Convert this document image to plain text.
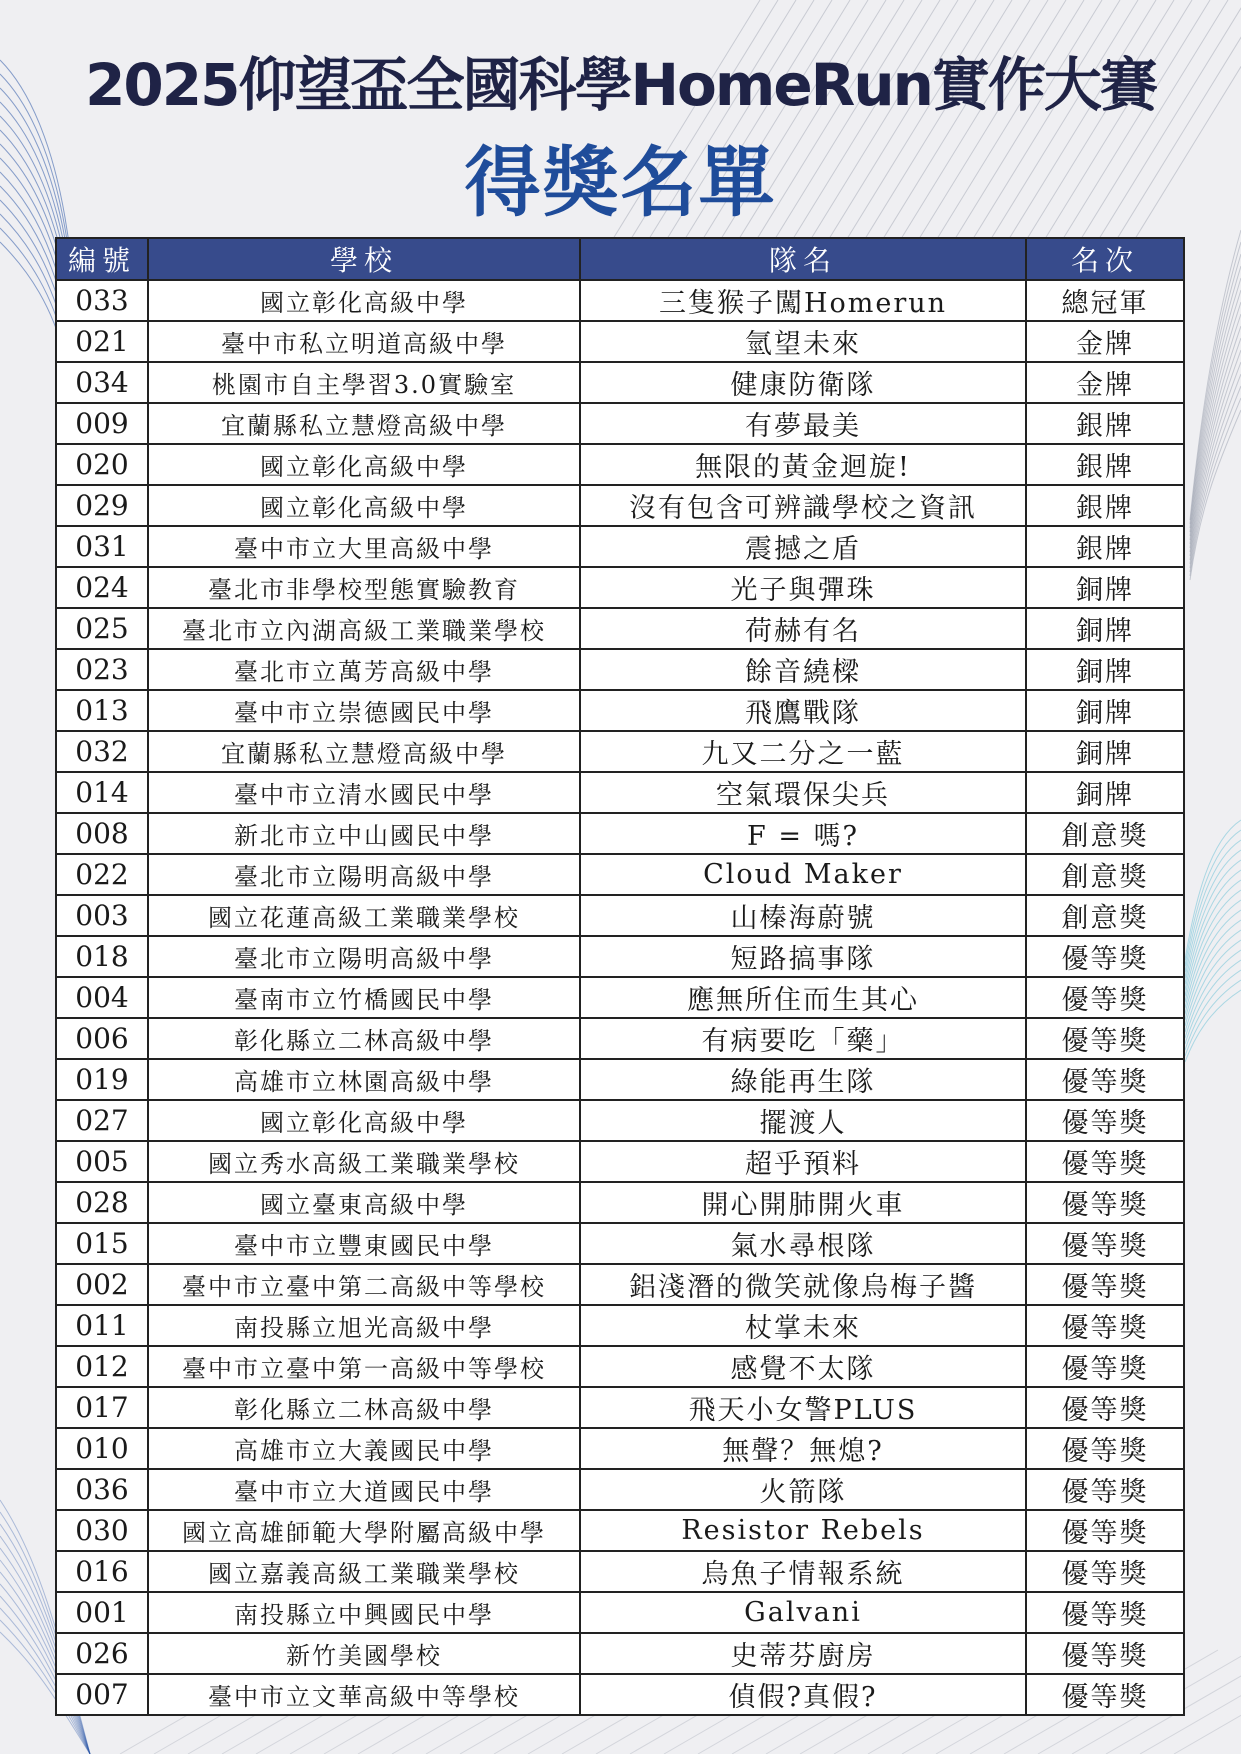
2025仰望盃全國科學HomeRun實作大賽
得獎名單
編號	學校	隊名	名次
033	國立彰化高級中學	三隻猴子闖Homerun	總冠軍
021	臺中市私立明道高級中學	氫望未來	金牌
034	桃園市自主學習3.0實驗室	健康防衛隊	金牌
009	宜蘭縣私立慧燈高級中學	有夢最美	銀牌
020	國立彰化高級中學	無限的黃金迴旋!	銀牌
029	國立彰化高級中學	沒有包含可辨識學校之資訊	銀牌
031	臺中市立大里高級中學	震撼之盾	銀牌
024	臺北市非學校型態實驗教育	光子與彈珠	銅牌
025	臺北市立內湖高級工業職業學校	荷赫有名	銅牌
023	臺北市立萬芳高級中學	餘音繞樑	銅牌
013	臺中市立崇德國民中學	飛鷹戰隊	銅牌
032	宜蘭縣私立慧燈高級中學	九又二分之一藍	銅牌
014	臺中市立清水國民中學	空氣環保尖兵	銅牌
008	新北市立中山國民中學	F = 嗎?	創意獎
022	臺北市立陽明高級中學	Cloud Maker	創意獎
003	國立花蓮高級工業職業學校	山榛海蔚號	創意獎
018	臺北市立陽明高級中學	短路搞事隊	優等獎
004	臺南市立竹橋國民中學	應無所住而生其心	優等獎
006	彰化縣立二林高級中學	有病要吃「藥」	優等獎
019	高雄市立林園高級中學	綠能再生隊	優等獎
027	國立彰化高級中學	擺渡人	優等獎
005	國立秀水高級工業職業學校	超乎預料	優等獎
028	國立臺東高級中學	開心開肺開火車	優等獎
015	臺中市立豐東國民中學	氣水尋根隊	優等獎
002	臺中市立臺中第二高級中等學校	鋁淺潛的微笑就像烏梅子醬	優等獎
011	南投縣立旭光高級中學	杖掌未來	優等獎
012	臺中市立臺中第一高級中等學校	感覺不太隊	優等獎
017	彰化縣立二林高級中學	飛天小女警PLUS	優等獎
010	高雄市立大義國民中學	無聲？無熄?	優等獎
036	臺中市立大道國民中學	火箭隊	優等獎
030	國立高雄師範大學附屬高級中學	Resistor Rebels	優等獎
016	國立嘉義高級工業職業學校	烏魚子情報系統	優等獎
001	南投縣立中興國民中學	Galvani	優等獎
026	新竹美國學校	史蒂芬廚房	優等獎
007	臺中市立文華高級中等學校	偵假?真假?	優等獎
